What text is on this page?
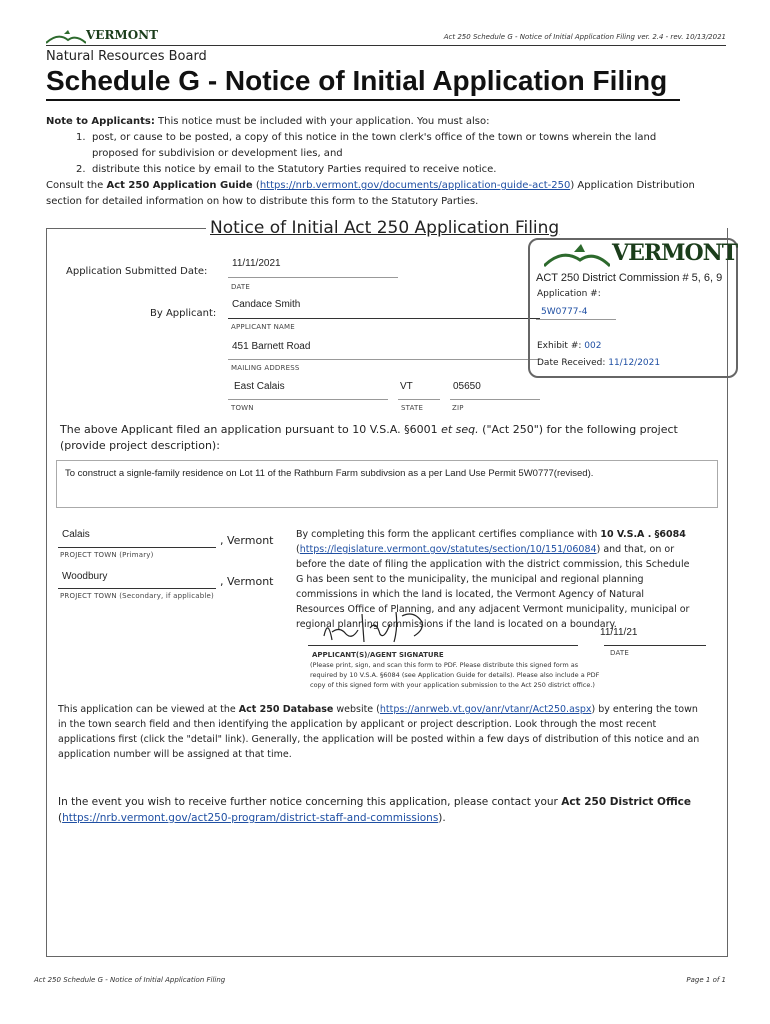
VERMONT	Act 250 Schedule G - Notice of Initial Application Filing ver. 2.4 - rev. 10/13/2021
Natural Resources Board
Schedule G - Notice of Initial Application Filing

Note to Applicants: This notice must be included with your application. You must also:

1. post, or cause to be posted, a copy of this notice in the town clerk's office of the town or towns wherein the land proposed for subdivision or development lies, and
2. distribute this notice by email to the Statutory Parties required to receive notice.

Consult the Act 250 Application Guide (https://nrb.vermont.gov/documents/application-guide-act-250) Application Distribution section for detailed information on how to distribute this form to the Statutory Parties.

Notice of Initial Act 250 Application Filing
Application Submitted Date:
11/11/2021
DATE
By Applicant:
Candace Smith
APPLICANT NAME
451 Barnett Road
MAILING ADDRESS
East Calais	VT	05650
TOWN	STATE	ZIP
VERMONT
ACT 250 District Commission # 5, 6, 9
Application #:
5W0777-4
Exhibit #: 002
Date Received: 11/12/2021
The above Applicant filed an application pursuant to 10 V.S.A. §6001 et seq. ("Act 250") for the following project (provide project description):
To construct a signle-family residence on Lot 11 of the Rathburn Farm subdivsion as a per Land Use Permit 5W0777(revised).
Calais	, Vermont
PROJECT TOWN (Primary)
Woodbury	, Vermont
PROJECT TOWN (Secondary, if applicable)
By completing this form the applicant certifies compliance with 10 V.S.A . §6084 (https://legislature.vermont.gov/statutes/section/10/151/06084) and that, on or before the date of filing the application with the district commission, this Schedule G has been sent to the municipality, the municipal and regional planning commissions in which the land is located, the Vermont Agency of Natural Resources Office of Planning, and any adjacent Vermont municipality, municipal or regional planning commissions if the land is located on a boundary.
11/11/21
APPLICANT(S)/AGENT SIGNATURE	DATE
(Please print, sign, and scan this form to PDF. Please distribute this signed form as required by 10 V.S.A. §6084 (see Application Guide for details). Please also include a PDF copy of this signed form with your application submission to the Act 250 district office.)
This application can be viewed at the Act 250 Database website (https://anrweb.vt.gov/anr/vtanr/Act250.aspx) by entering the town in the town search field and then identifying the application by applicant or project description. Look through the most recent applications first (click the "detail" link). Generally, the application will be posted within a few days of distribution of this notice and an application number will be assigned at that time.
In the event you wish to receive further notice concerning this application, please contact your Act 250 District Office
(https://nrb.vermont.gov/act250-program/district-staff-and-commissions).
Act 250 Schedule G - Notice of Initial Application Filing	Page 1 of 1
